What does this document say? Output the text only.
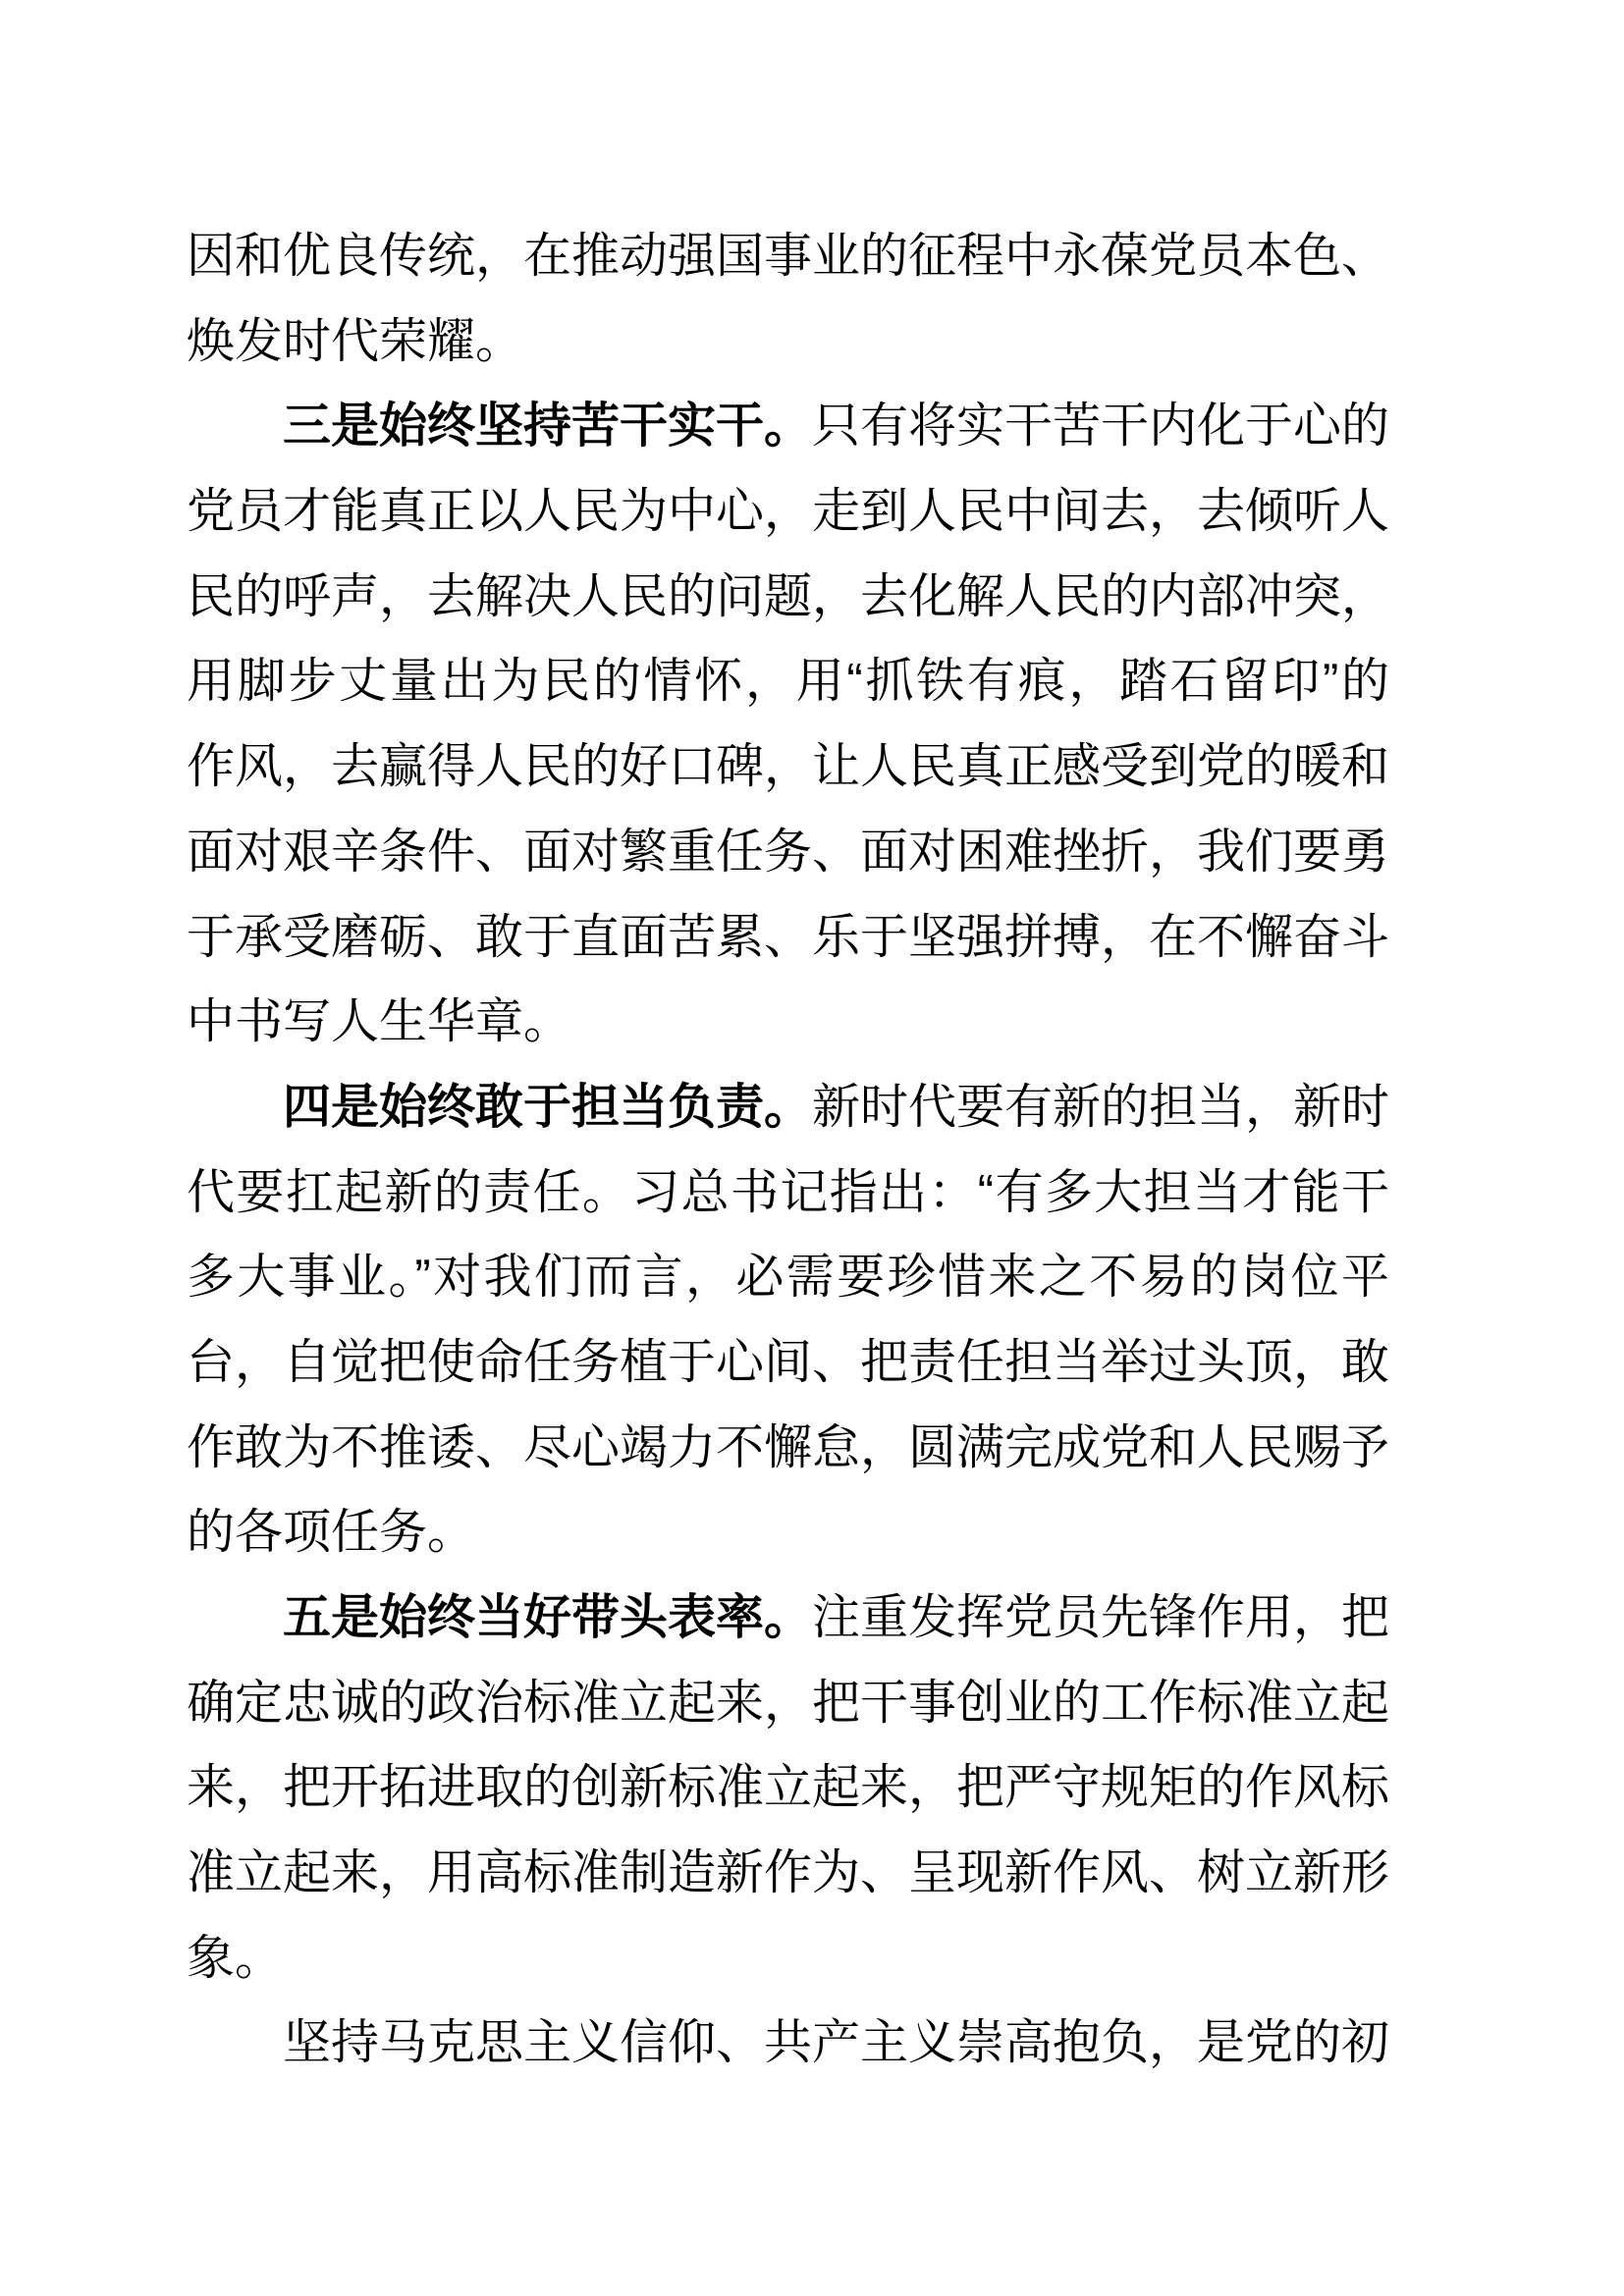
因和优良传统，在推动强国事业的征程中永葆党员本色、
焕发时代荣耀。
三是始终坚持苦干实干。只有将实干苦干内化于心的
党员才能真正以人民为中心，走到人民中间去，去倾听人
民的呼声，去解决人民的问题，去化解人民的内部冲突，
用脚步丈量出为民的情怀，用“抓铁有痕，踏石留印”的
作风，去赢得人民的好口碑，让人民真正感受到党的暖和
面对艰辛条件、面对繁重任务、面对困难挫折，我们要勇
于承受磨砺、敢于直面苦累、乐于坚强拼搏，在不懈奋斗
中书写人生华章。
四是始终敢于担当负责。新时代要有新的担当，新时
代要扛起新的责任。习总书记指出：“有多大担当才能干
多大事业。”对我们而言，必需要珍惜来之不易的岗位平
台，自觉把使命任务植于心间、把责任担当举过头顶，敢
作敢为不推诿、尽心竭力不懈怠，圆满完成党和人民赐予
的各项任务。
五是始终当好带头表率。注重发挥党员先锋作用，把
确定忠诚的政治标准立起来，把干事创业的工作标准立起
来，把开拓进取的创新标准立起来，把严守规矩的作风标
准立起来，用高标准制造新作为、呈现新作风、树立新形
象。
坚持马克思主义信仰、共产主义崇高抱负，是党的初
